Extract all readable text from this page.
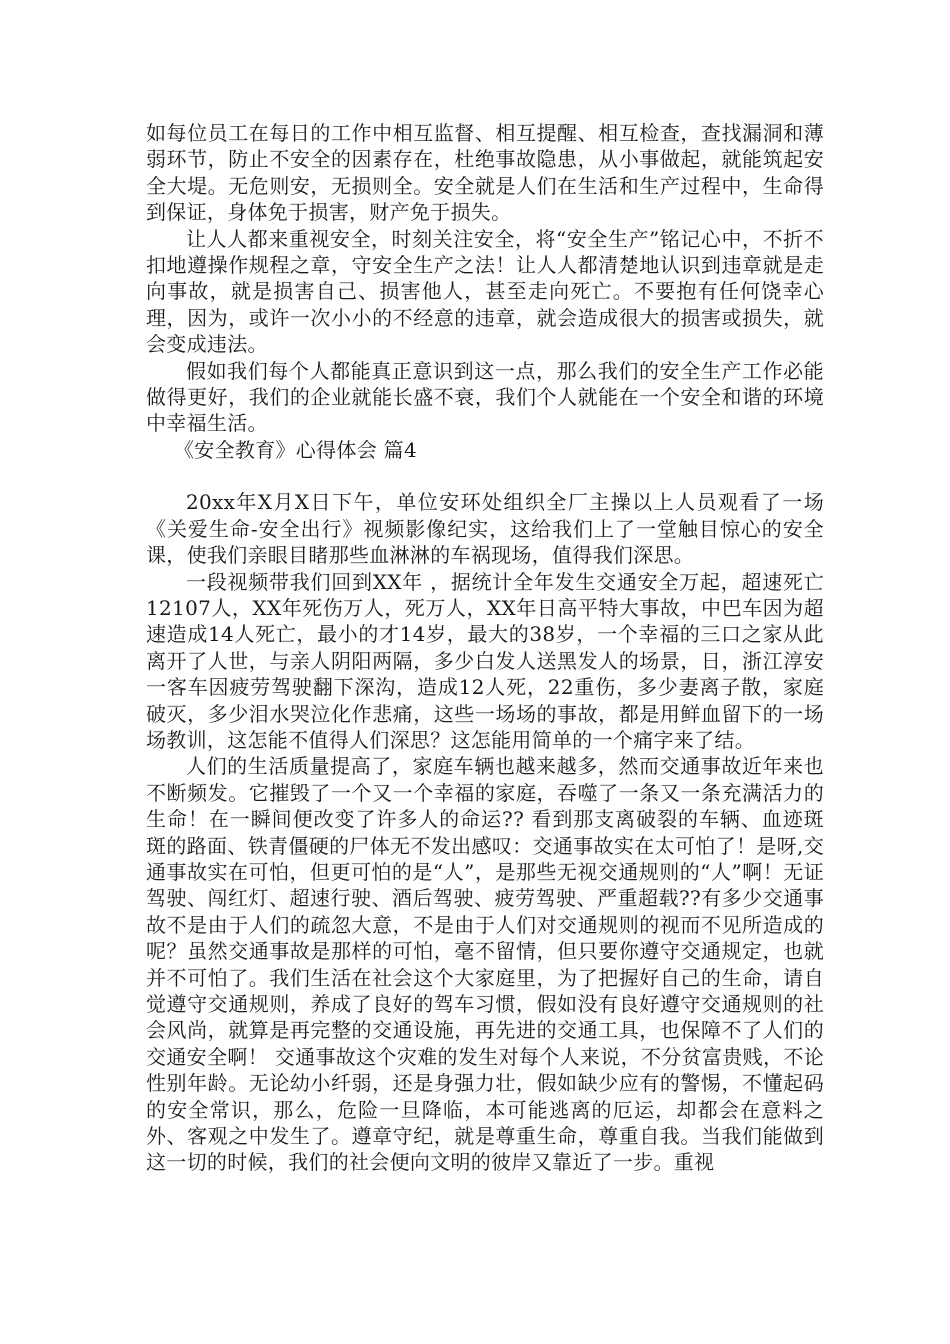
如每位员工在每日的工作中相互监督、相互提醒、相互检查，查找漏洞和薄弱环节，防止不安全的因素存在，杜绝事故隐患，从小事做起，就能筑起安全大堤。无危则安，无损则全。安全就是人们在生活和生产过程中，生命得到保证，身体免于损害，财产免于损失。

让人人都来重视安全，时刻关注安全，将“安全生产”铭记心中，不折不扣地遵操作规程之章，守安全生产之法！让人人都清楚地认识到违章就是走向事故，就是损害自己、损害他人，甚至走向死亡。不要抱有任何饶幸心理，因为，或许一次小小的不经意的违章，就会造成很大的损害或损失，就会变成违法。

假如我们每个人都能真正意识到这一点，那么我们的安全生产工作必能做得更好，我们的企业就能长盛不衰，我们个人就能在一个安全和谐的环境中幸福生活。

《安全教育》心得体会 篇4

20xx年X月X日下午，单位安环处组织全厂主操以上人员观看了一场《关爱生命-安全出行》视频影像纪实，这给我们上了一堂触目惊心的安全课，使我们亲眼目睹那些血淋淋的车祸现场，值得我们深思。

一段视频带我们回到XX年 ，据统计全年发生交通安全万起，超速死亡12107人，XX年死伤万人，死万人，XX年日高平特大事故，中巴车因为超速造成14人死亡，最小的才14岁，最大的38岁，一个幸福的三口之家从此离开了人世，与亲人阴阳两隔，多少白发人送黑发人的场景，日，浙江淳安一客车因疲劳驾驶翻下深沟，造成12人死，22重伤，多少妻离子散，家庭破灭，多少泪水哭泣化作悲痛，这些一场场的事故，都是用鲜血留下的一场场教训，这怎能不值得人们深思？这怎能用简单的一个痛字来了结。

人们的生活质量提高了，家庭车辆也越来越多，然而交通事故近年来也不断频发。它摧毁了一个又一个幸福的家庭，吞噬了一条又一条充满活力的生命！在一瞬间便改变了许多人的命运?? 看到那支离破裂的车辆、血迹斑斑的路面、铁青僵硬的尸体无不发出感叹：交通事故实在太可怕了！是呀,交通事故实在可怕，但更可怕的是“人”，是那些无视交通规则的“人”啊！无证驾驶、闯红灯、超速行驶、酒后驾驶、疲劳驾驶、严重超载??有多少交通事故不是由于人们的疏忽大意，不是由于人们对交通规则的视而不见所造成的呢？虽然交通事故是那样的可怕，毫不留情，但只要你遵守交通规定，也就并不可怕了。我们生活在社会这个大家庭里，为了把握好自己的生命，请自觉遵守交通规则，养成了良好的驾车习惯，假如没有良好遵守交通规则的社会风尚，就算是再完整的交通设施，再先进的交通工具，也保障不了人们的交通安全啊！ 交通事故这个灾难的发生对每个人来说，不分贫富贵贱，不论性别年龄。无论幼小纤弱，还是身强力壮，假如缺少应有的警惕，不懂起码的安全常识，那么，危险一旦降临，本可能逃离的厄运，却都会在意料之外、客观之中发生了。遵章守纪，就是尊重生命，尊重自我。当我们能做到这一切的时候，我们的社会便向文明的彼岸又靠近了一步。重视
